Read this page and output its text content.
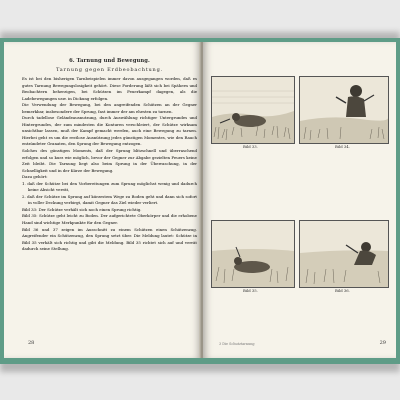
6. Tarnung und Bewegung.
Tarnung gegen Erdbeobachtung.

Es ist bei den bisherigen Tarnbeispielen immer davon ausgegangen worden, daß es gutes Tarnung Bewegungslosigkeit gehört. Diese Forderung läßt sich bei Spähern und Beobachtern beherzigen, bei Schützen im Feuerkampf dagegen, als die Ladebewegungen usw. in Dickung erfolgen.

Die Verwendung der Bewegung, bei den angreifenden Schützen an der Gegner bemerkbar, insbesondere der Sprung, fast immer der am ehesten zu tarnen.

Durch tadellose Geländeausnutzung, durch Auswählung richtiger Untergrundes und Hintergrundes, der zum mindesten die Konturen verschleiert, der Schütze wirksam unsichtbar lassen, muß der Kampf gemacht werden, auch eine Bewegung zu tarnen. Hierbei geht es um die restlose Ausnützung jedes günstigen Momentes, wie den Rauch entzündeter Granaten, den Sprung der Bewegung entzogen.

Solches des günstigen Moments, daß der Sprung blitzschnell und überraschend erfolgen und so kurz wie möglich, bevor der Gegner zur Abgabe gezielten Feuers keine Zeit bleibt. Die Tarnung liegt also beim Sprung in der Überraschung, in der Schnelligkeit und in der Kürze der Bewegung.

Dazu gehört:

1. daß der Schütze bei den Vorbereitungen zum Sprung möglichst wenig und dadurch keine Absicht verrät,
2. daß der Schütze im Sprung auf kürzestem Wege zu Boden geht und dann sich sofort in voller Deckung verbirgt, damit Gegner das Ziel wieder verliert.

Bild 33: Der Schütze verhält sich noch einen Sprung richtig.

Bild 35: Schütze geht leicht zu Boden. Der aufgerichtete Oberkörper und die erhobene Hand sind wichtige Merkpunkte für den Gegner.

Bild 36 und 37 zeigen im Ausschnitt zu einem Schützen einen Schützenzug. Angreifender ein Schützenzug, den Sprung setzt über. Die Meldung lautet: Schütze in Bild 35 verhält sich richtig und gibt die Meldung. Bild 35 richtet sich auf und verrät dadurch seine Stellung.

28
Bild 33.	Bild 34.
Bild 35.	Bild 36.
3 Die Schutztarnung	29
